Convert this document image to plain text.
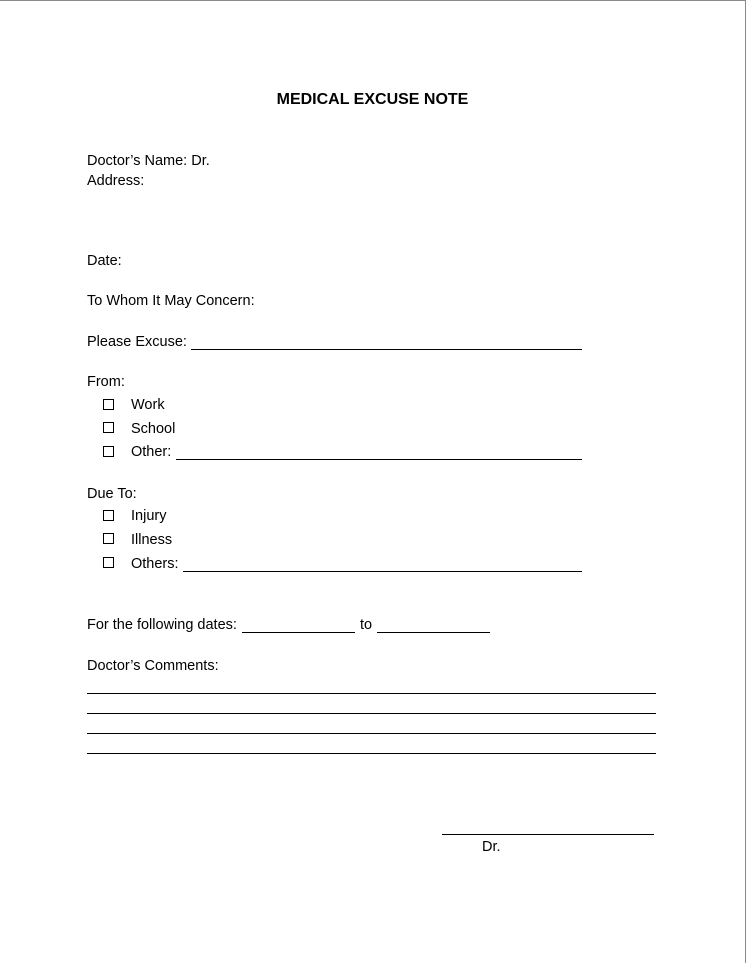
MEDICAL EXCUSE NOTE
Doctor’s Name: Dr.
Address:
Date:
To Whom It May Concern:
Please Excuse:
From:
Work
School
Other:
Due To:
Injury
Illness
Others:
For the following dates:	to
Doctor’s Comments:
Dr.
